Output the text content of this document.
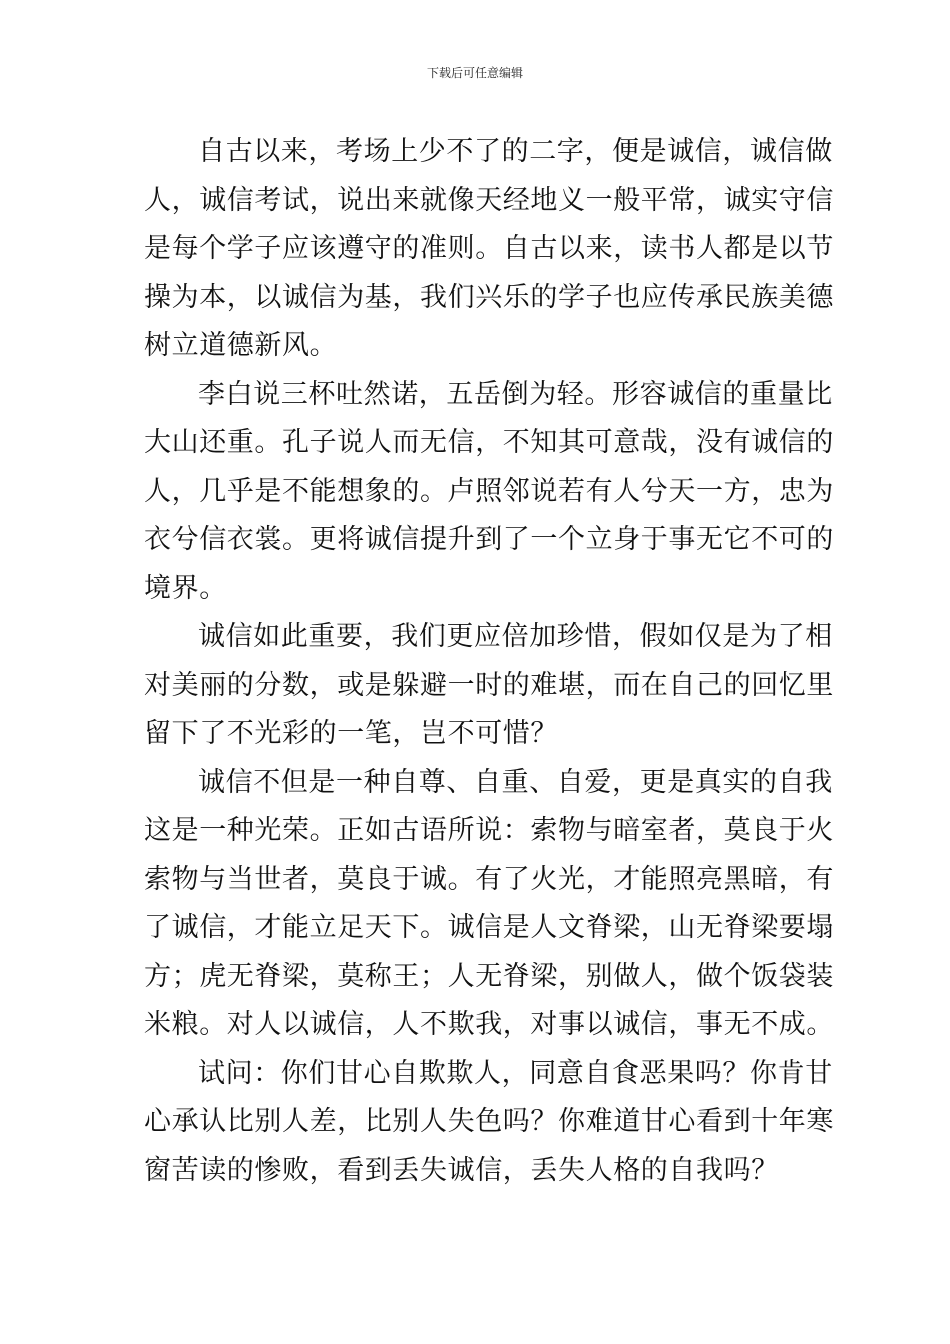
下载后可任意编辑
自古以来，考场上少不了的二字，便是诚信，诚信做
人，诚信考试，说出来就像天经地义一般平常，诚实守信
是每个学子应该遵守的准则。自古以来，读书人都是以节
操为本，以诚信为基，我们兴乐的学子也应传承民族美德
树立道德新风。
李白说三杯吐然诺，五岳倒为轻。形容诚信的重量比
大山还重。孔子说人而无信，不知其可意哉，没有诚信的
人，几乎是不能想象的。卢照邻说若有人兮天一方，忠为
衣兮信衣裳。更将诚信提升到了一个立身于事无它不可的
境界。
诚信如此重要，我们更应倍加珍惜，假如仅是为了相
对美丽的分数，或是躲避一时的难堪，而在自己的回忆里
留下了不光彩的一笔，岂不可惜？
诚信不但是一种自尊、自重、自爱，更是真实的自我
这是一种光荣。正如古语所说：索物与暗室者，莫良于火
索物与当世者，莫良于诚。有了火光，才能照亮黑暗，有
了诚信，才能立足天下。诚信是人文脊梁，山无脊梁要塌
方；虎无脊梁，莫称王；人无脊梁，别做人，做个饭袋装
米粮。对人以诚信，人不欺我，对事以诚信，事无不成。
试问：你们甘心自欺欺人，同意自食恶果吗？你肯甘
心承认比别人差，比别人失色吗？你难道甘心看到十年寒
窗苦读的惨败，看到丢失诚信，丢失人格的自我吗？
